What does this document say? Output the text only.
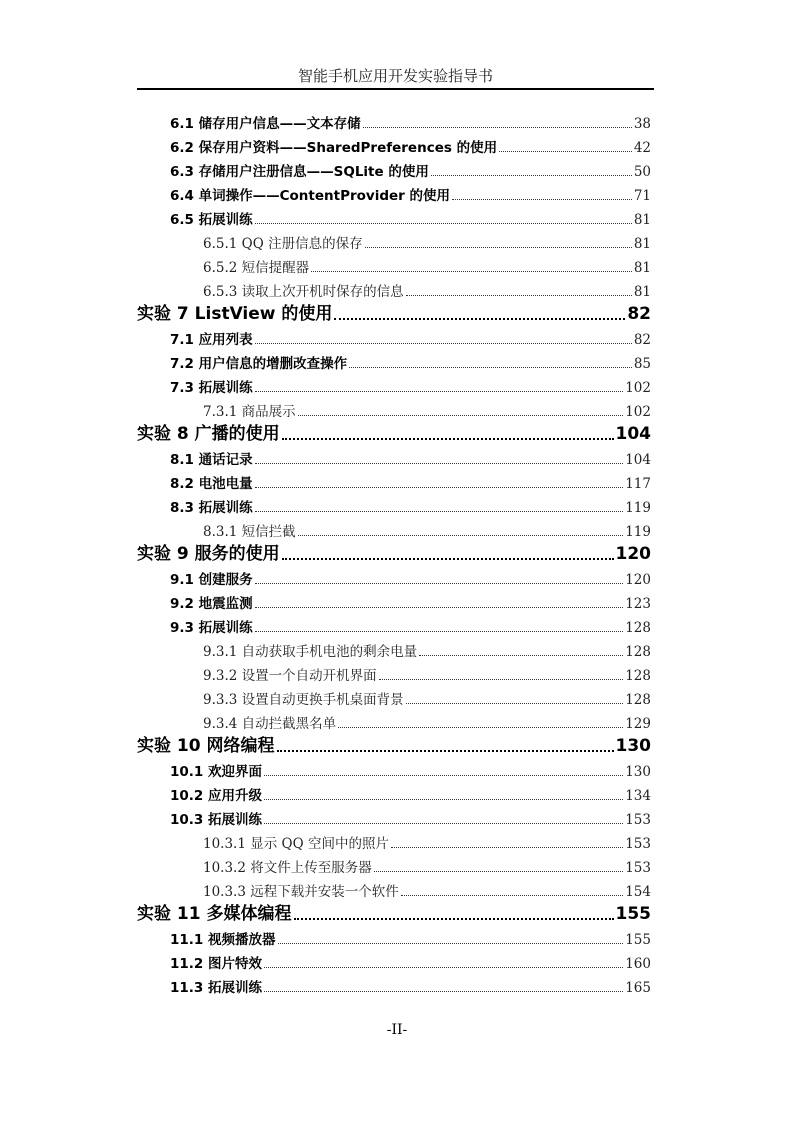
智能手机应用开发实验指导书
6.1 储存用户信息——文本存储	38
6.2 保存用户资料——SharedPreferences 的使用	42
6.3 存储用户注册信息——SQLite 的使用	50
6.4 单词操作——ContentProvider 的使用	71
6.5 拓展训练	81
6.5.1 QQ 注册信息的保存	81
6.5.2 短信提醒器	81
6.5.3 读取上次开机时保存的信息	81
实验 7 ListView 的使用	82
7.1 应用列表	82
7.2 用户信息的增删改查操作	85
7.3 拓展训练	102
7.3.1 商品展示	102
实验 8 广播的使用	104
8.1 通话记录	104
8.2 电池电量	117
8.3 拓展训练	119
8.3.1 短信拦截	119
实验 9 服务的使用	120
9.1 创建服务	120
9.2 地震监测	123
9.3 拓展训练	128
9.3.1 自动获取手机电池的剩余电量	128
9.3.2 设置一个自动开机界面	128
9.3.3 设置自动更换手机桌面背景	128
9.3.4 自动拦截黑名单	129
实验 10 网络编程	130
10.1 欢迎界面	130
10.2 应用升级	134
10.3 拓展训练	153
10.3.1 显示 QQ 空间中的照片	153
10.3.2 将文件上传至服务器	153
10.3.3 远程下载并安装一个软件	154
实验 11 多媒体编程	155
11.1 视频播放器	155
11.2 图片特效	160
11.3 拓展训练	165
-II-
